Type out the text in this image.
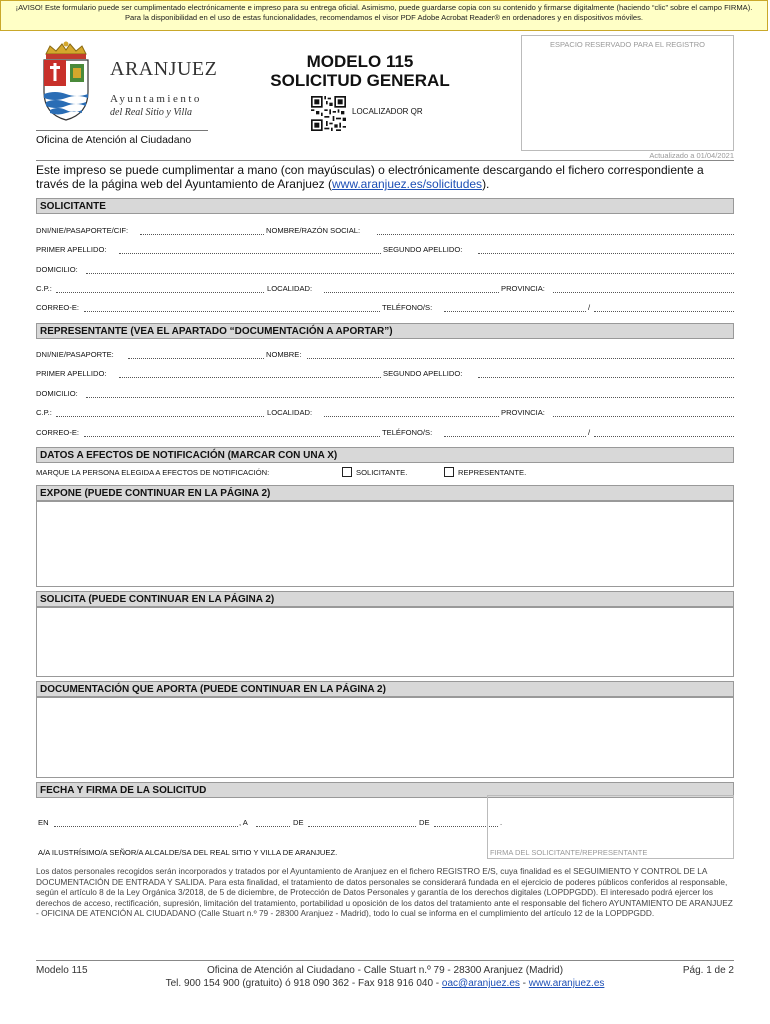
¡AVISO! Este formulario puede ser cumplimentado electrónicamente e impreso para su entrega oficial. Asimismo, puede guardarse copia con su contenido y firmarse digitalmente (haciendo “clic” sobre el campo FIRMA). Para la disponibilidad en el uso de estas funcionalidades, recomendamos el visor PDF Adobe Acrobat Reader® en ordenadores y en dispositivos móviles.
ARANJUEZ
Ayuntamiento
del Real Sitio y Villa
Oficina de Atención al Ciudadano
MODELO 115
SOLICITUD GENERAL
LOCALIZADOR QR
ESPACIO RESERVADO PARA EL REGISTRO
Actualizado a 01/04/2021
Este impreso se puede cumplimentar a mano (con mayúsculas) o electrónicamente descargando el fichero correspondiente a través de la página web del Ayuntamiento de Aranjuez (www.aranjuez.es/solicitudes).
SOLICITANTE
DNI/NIE/PASAPORTE/CIF:	NOMBRE/RAZÓN SOCIAL:
PRIMER APELLIDO:	SEGUNDO APELLIDO:
DOMICILIO:
C.P.:	LOCALIDAD:	PROVINCIA:
CORREO-E:	TELÉFONO/S:	/
REPRESENTANTE (VEA EL APARTADO “DOCUMENTACIÓN A APORTAR”)
DNI/NIE/PASAPORTE:	NOMBRE:
PRIMER APELLIDO:	SEGUNDO APELLIDO:
DOMICILIO:
C.P.:	LOCALIDAD:	PROVINCIA:
CORREO-E:	TELÉFONO/S:	/
DATOS A EFECTOS DE NOTIFICACIÓN (MARCAR CON UNA X)
MARQUE LA PERSONA ELEGIDA A EFECTOS DE NOTIFICACIÓN:	SOLICITANTE.	REPRESENTANTE.
EXPONE (PUEDE CONTINUAR EN LA PÁGINA 2)
SOLICITA (PUEDE CONTINUAR EN LA PÁGINA 2)
DOCUMENTACIÓN QUE APORTA (PUEDE CONTINUAR EN LA PÁGINA 2)
FECHA Y FIRMA DE LA SOLICITUD
EN	, A	DE	DE	.
A/A ILUSTRÍSIMO/A SEÑOR/A ALCALDE/SA DEL REAL SITIO Y VILLA DE ARANJUEZ.	FIRMA DEL SOLICITANTE/REPRESENTANTE
Los datos personales recogidos serán incorporados y tratados por el Ayuntamiento de Aranjuez en el fichero REGISTRO E/S, cuya finalidad es el SEGUIMIENTO Y CONTROL DE LA DOCUMENTACIÓN DE ENTRADA Y SALIDA. Para esta finalidad, el tratamiento de datos personales se considerará fundada en el ejercicio de poderes públicos conferidos al responsable, según el artículo 8 de la Ley Orgánica 3/2018, de 5 de diciembre, de Protección de Datos Personales y garantía de los derechos digitales (LOPDPGDD). El interesado podrá ejercer los derechos de acceso, rectificación, supresión, limitación del tratamiento, portabilidad u oposición de los datos del tratamiento ante el responsable del fichero AYUNTAMIENTO DE ARANJUEZ - OFICINA DE ATENCIÓN AL CIUDADANO (Calle Stuart n.º 79 - 28300 Aranjuez - Madrid), todo lo cual se informa en el cumplimiento del artículo 12 de la LOPDPGDD.
Modelo 115	Oficina de Atención al Ciudadano - Calle Stuart n.º 79 - 28300 Aranjuez (Madrid)	Pág. 1 de 2
Tel. 900 154 900 (gratuito) ó 918 090 362 - Fax 918 916 040 - oac@aranjuez.es - www.aranjuez.es
